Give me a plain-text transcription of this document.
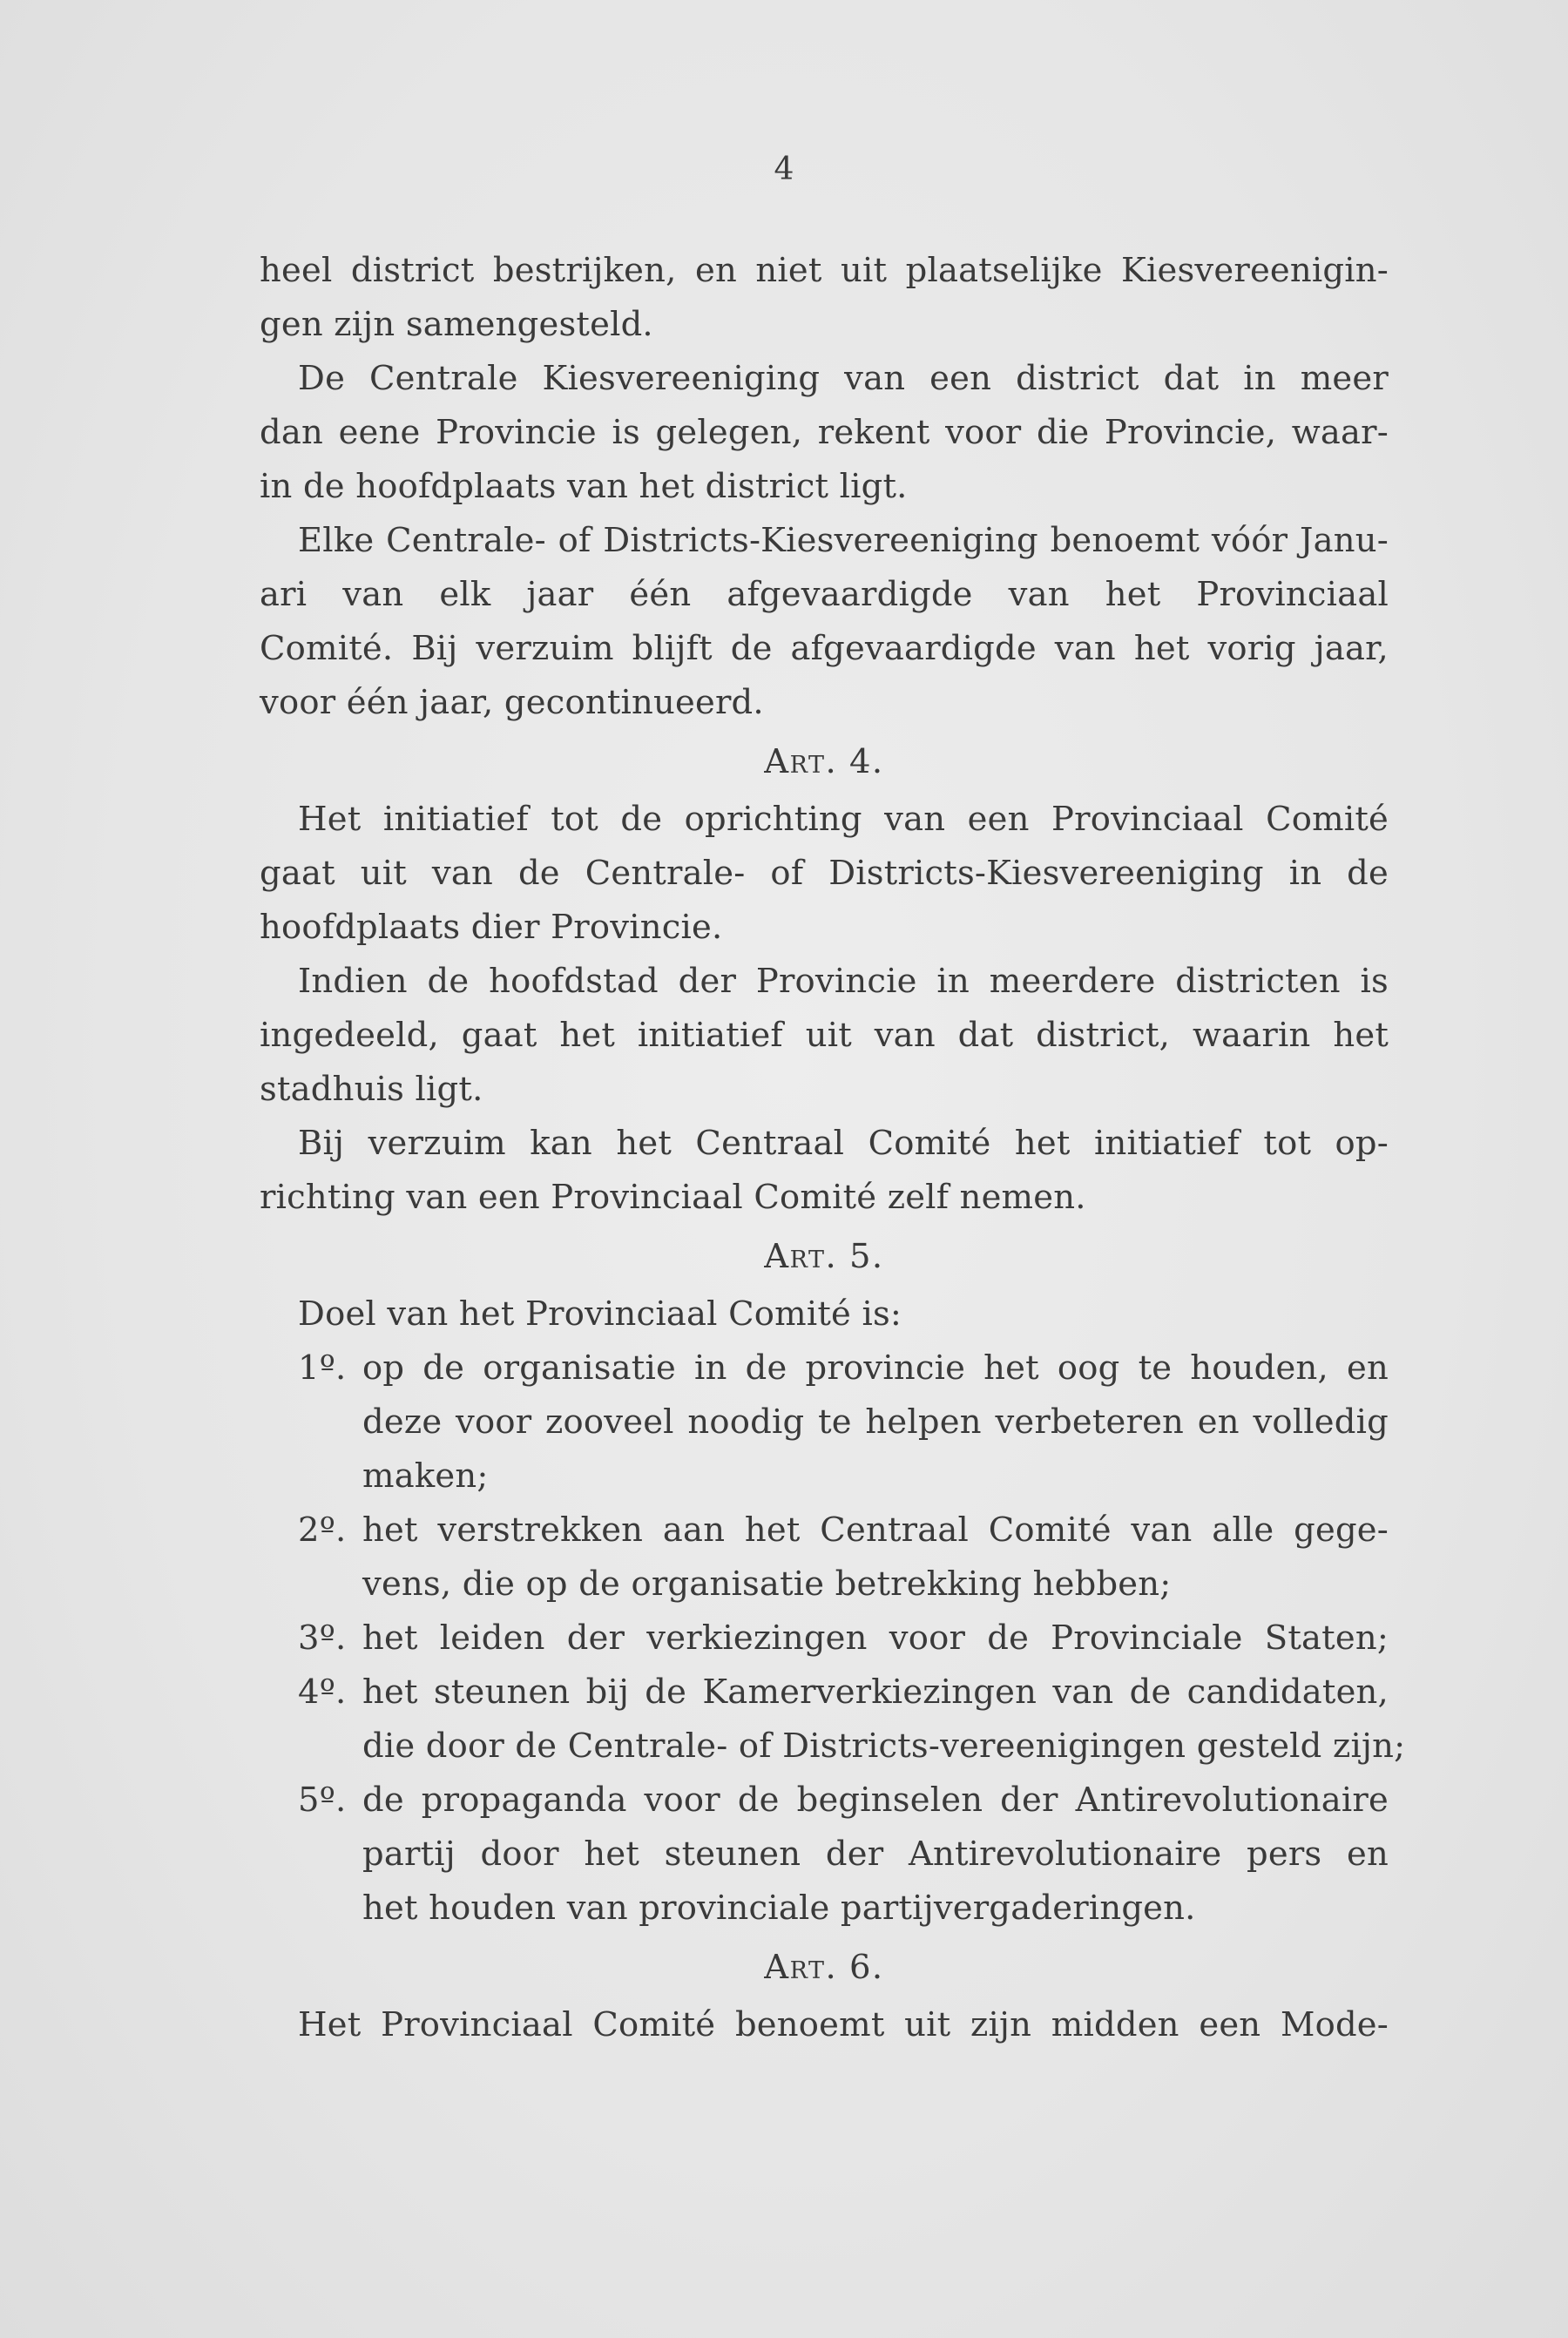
4
heel district bestrijken, en niet uit plaatselijke Kiesvereenigin-
gen zijn samengesteld.
De Centrale Kiesvereeniging van een district dat in meer
dan eene Provincie is gelegen, rekent voor die Provincie, waar-
in de hoofdplaats van het district ligt.
Elke Centrale- of Districts-Kiesvereeniging benoemt vóór Janu-
ari van elk jaar één afgevaardigde van het Provinciaal
Comité. Bij verzuim blijft de afgevaardigde van het vorig jaar,
voor één jaar, gecontinueerd.
Art. 4.
Het initiatief tot de oprichting van een Provinciaal Comité
gaat uit van de Centrale- of Districts-Kiesvereeniging in de
hoofdplaats dier Provincie.
Indien de hoofdstad der Provincie in meerdere districten is
ingedeeld, gaat het initiatief uit van dat district, waarin het
stadhuis ligt.
Bij verzuim kan het Centraal Comité het initiatief tot op-
richting van een Provinciaal Comité zelf nemen.
Art. 5.
Doel van het Provinciaal Comité is:
1º. op de organisatie in de provincie het oog te houden, en
deze voor zooveel noodig te helpen verbeteren en volledig
maken;
2º. het verstrekken aan het Centraal Comité van alle gege-
vens, die op de organisatie betrekking hebben;
3º. het leiden der verkiezingen voor de Provinciale Staten;
4º. het steunen bij de Kamerverkiezingen van de candidaten,
die door de Centrale- of Districts-vereenigingen gesteld zijn;
5º. de propaganda voor de beginselen der Antirevolutionaire
partij door het steunen der Antirevolutionaire pers en
het houden van provinciale partijvergaderingen.
Art. 6.
Het Provinciaal Comité benoemt uit zijn midden een Mode-
